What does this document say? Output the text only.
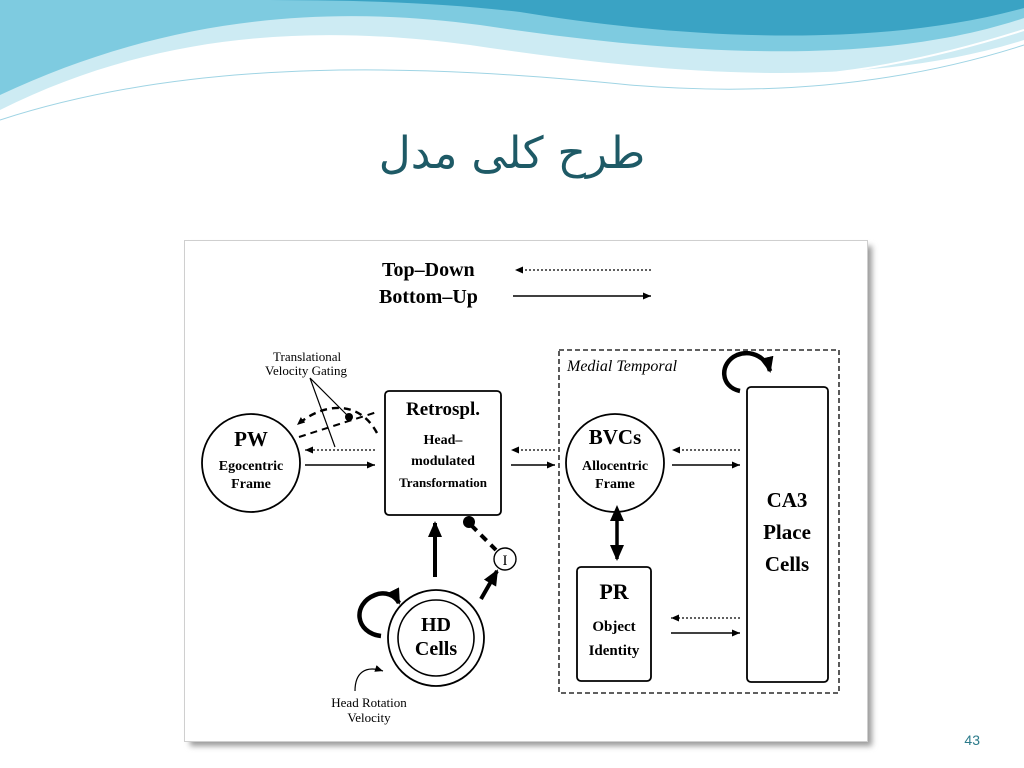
طرح کلی مدل
Top–Down
Bottom–Up
Medial Temporal
Translational
Velocity Gating
PW
Egocentric
Frame
Retrospl.
Head–
modulated
Transformation
BVCs
Allocentric
Frame
CA3
Place
Cells
PR
Object
Identity
I
HD
Cells
Head Rotation
Velocity
43
